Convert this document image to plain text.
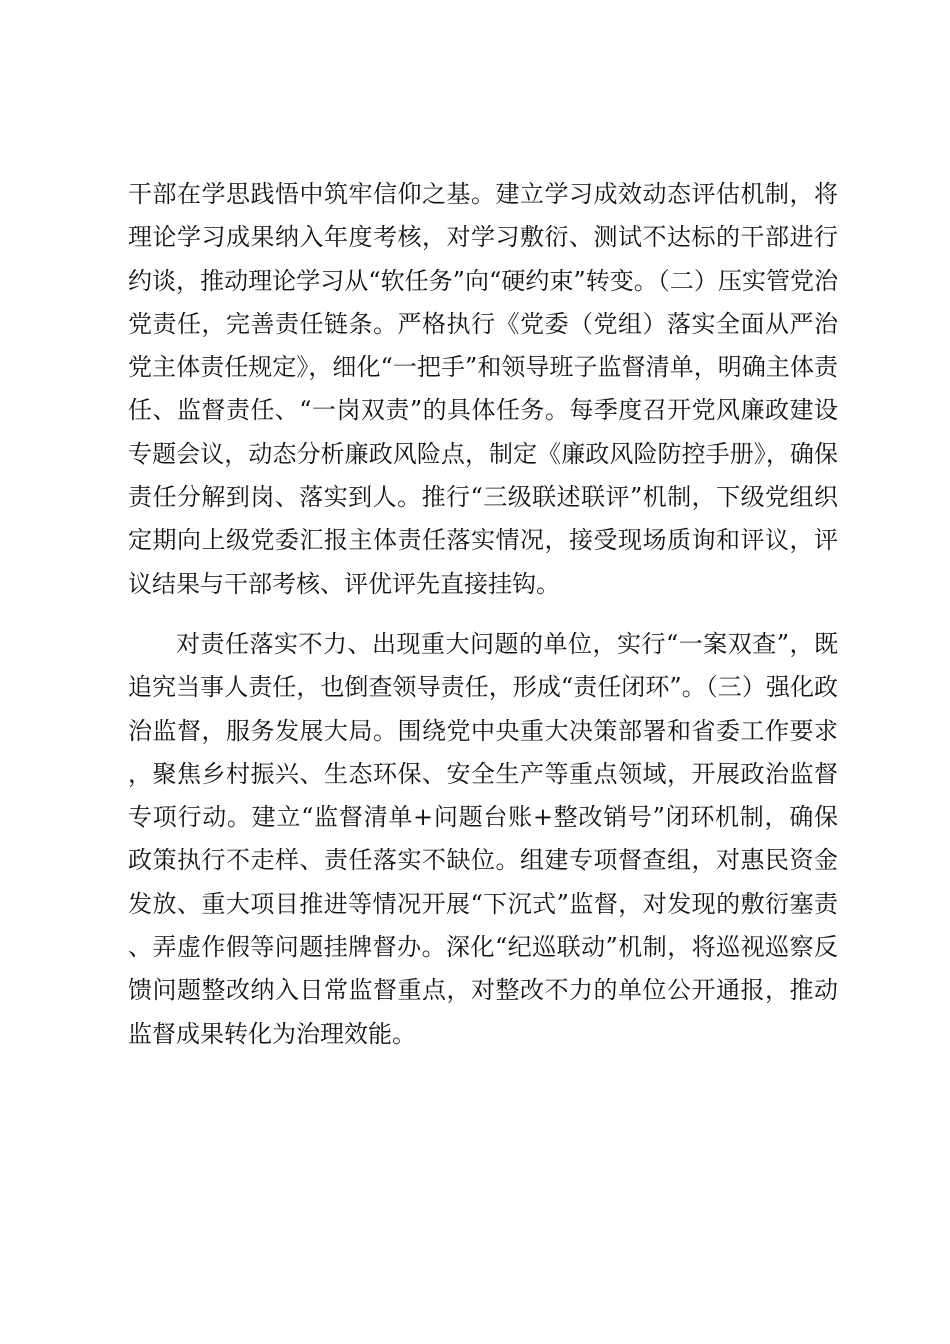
干部在学思践悟中筑牢信仰之基。建立学习成效动态评估机制，将理论学习成果纳入年度考核，对学习敷衍、测试不达标的干部进行约谈，推动理论学习从“软任务”向“硬约束”转变。（二）压实管党治党责任，完善责任链条。严格执行《党委（党组）落实全面从严治党主体责任规定》，细化“一把手”和领导班子监督清单，明确主体责任、监督责任、“一岗双责”的具体任务。每季度召开党风廉政建设专题会议，动态分析廉政风险点，制定《廉政风险防控手册》，确保责任分解到岗、落实到人。推行“三级联述联评”机制，下级党组织定期向上级党委汇报主体责任落实情况，接受现场质询和评议，评议结果与干部考核、评优评先直接挂钩。

对责任落实不力、出现重大问题的单位，实行“一案双查”，既追究当事人责任，也倒查领导责任，形成“责任闭环”。（三）强化政治监督，服务发展大局。围绕党中央重大决策部署和省委工作要求，聚焦乡村振兴、生态环保、安全生产等重点领域，开展政治监督专项行动。建立“监督清单+问题台账+整改销号”闭环机制，确保政策执行不走样、责任落实不缺位。组建专项督查组，对惠民资金发放、重大项目推进等情况开展“下沉式”监督，对发现的敷衍塞责、弄虚作假等问题挂牌督办。深化“纪巡联动”机制，将巡视巡察反馈问题整改纳入日常监督重点，对整改不力的单位公开通报，推动监督成果转化为治理效能。
